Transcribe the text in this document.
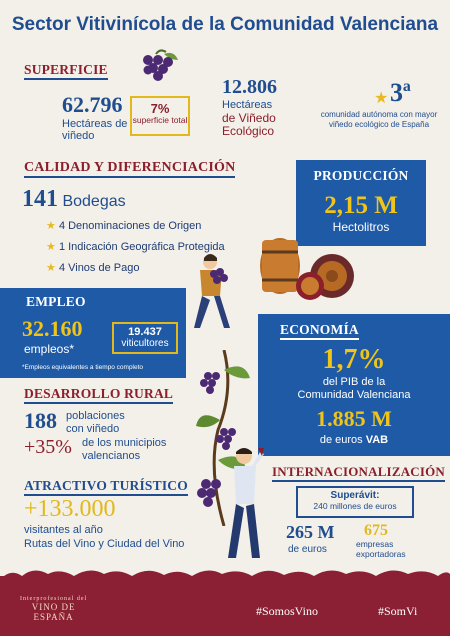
Sector Vitivinícola de la Comunidad Valenciana
SUPERFICIE
62.796
Hectáreas de viñedo
7%
superficie total
12.806
Hectáreas
de Viñedo
Ecológico
★ 3ª
comunidad autónoma con mayor viñedo ecológico de España
CALIDAD Y DIFERENCIACIÓN
141 Bodegas
★ 4 Denominaciones de Origen
★ 1 Indicación Geográfica Protegida
★ 4 Vinos de Pago
PRODUCCIÓN
2,15 M
Hectolitros
EMPLEO
32.160
empleos*
19.437
viticultores
*Empleos equivalentes a tiempo completo
ECONOMÍA
1,7%
del PIB de la
Comunidad Valenciana
1.885 M
de euros VAB
DESARROLLO RURAL
188 poblaciones
con viñedo
+35% de los municipios
valencianos
ATRACTIVO TURÍSTICO
+133.000
visitantes al año
Rutas del Vino y Ciudad del Vino
INTERNACIONALIZACIÓN
Superávit:
240 millones de euros
265 M
de euros
675
empresas
exportadoras
Interprofesional del
VINO DE
ESPAÑA	#SomosVino	#SomVi
